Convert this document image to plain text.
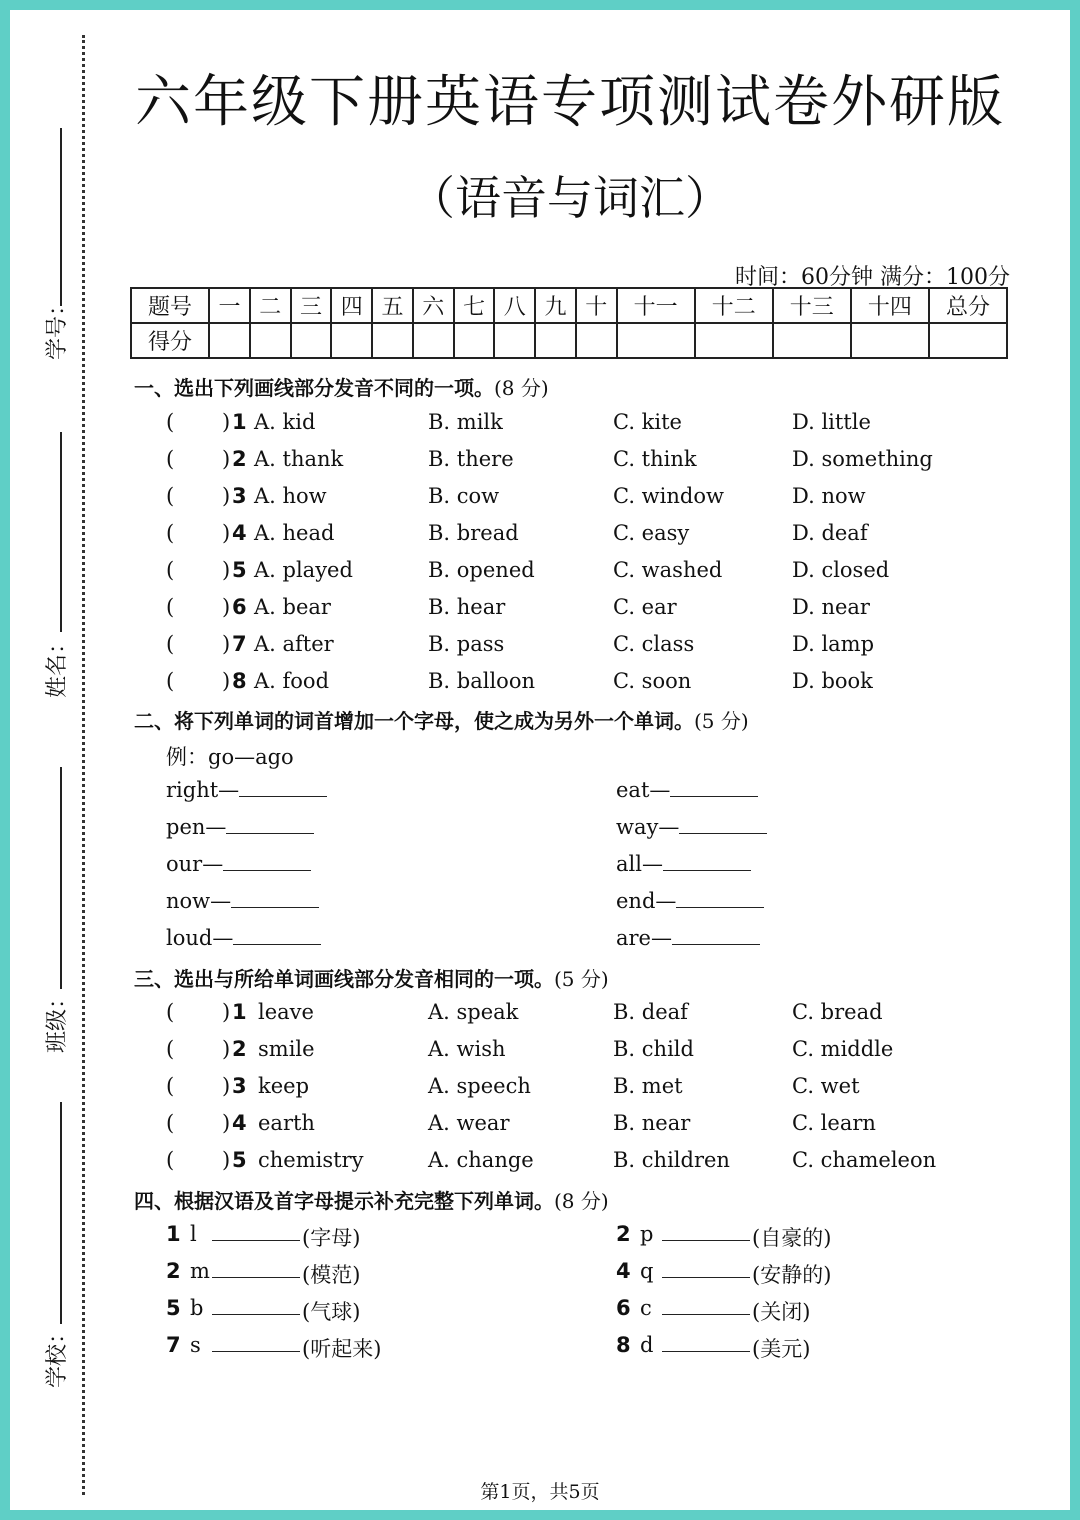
学号：
姓名：
班级：
学校：
六年级下册英语专项测试卷外研版
（语音与词汇）
时间：60分钟 满分：100分
题号	一	二	三	四	五	六	七	八	九	十	十一	十二	十三	十四	总分
得分															
一、选出下列画线部分发音不同的一项。(8 分)
( ) 1 A. kid	B. milk	C. kite	D. little
( ) 2 A. thank	B. there	C. think	D. something
( ) 3 A. how	B. cow	C. window	D. now
( ) 4 A. head	B. bread	C. easy	D. deaf
( ) 5 A. played	B. opened	C. washed	D. closed
( ) 6 A. bear	B. hear	C. ear	D. near
( ) 7 A. after	B. pass	C. class	D. lamp
( ) 8 A. food	B. balloon	C. soon	D. book
二、将下列单词的词首增加一个字母，使之成为另外一个单词。(5 分)
例：go—ago
right—	eat—
pen—	way—
our—	all—
now—	end—
loud—	are—
三、选出与所给单词画线部分发音相同的一项。(5 分)
( ) 1 leave	A. speak	B. deaf	C. bread
( ) 2 smile	A. wish	B. child	C. middle
( ) 3 keep	A. speech	B. met	C. wet
( ) 4 earth	A. wear	B. near	C. learn
( ) 5 chemistry	A. change	B. children	C. chameleon
四、根据汉语及首字母提示补充完整下列单词。(8 分)
1 l	(字母)	2 p	(自豪的)
2 m	(模范)	4 q	(安静的)
5 b	(气球)	6 c	(关闭)
7 s	(听起来)	8 d	(美元)
第1页，共5页
